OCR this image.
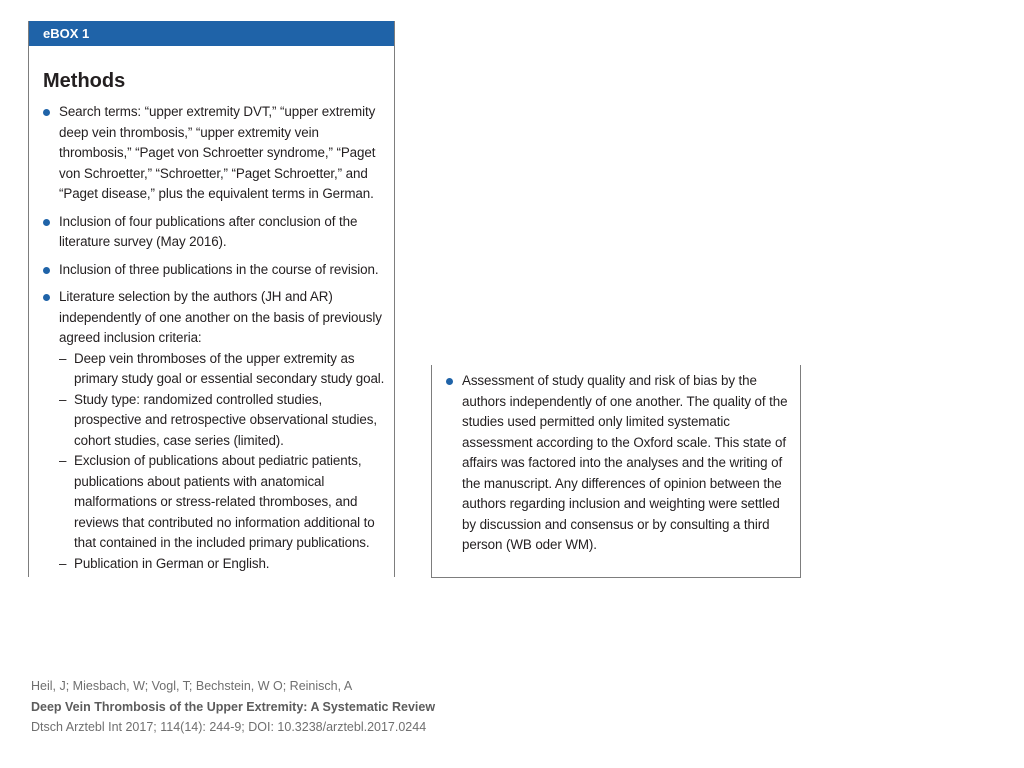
eBOX 1
Methods
Search terms: “upper extremity DVT,” “upper extremity deep vein thrombosis,” “upper extremity vein thrombosis,” “Paget von Schroetter syndrome,” “Paget von Schroetter,” “Schroetter,” “Paget Schroetter,” and “Paget disease,” plus the equivalent terms in German.
Inclusion of four publications after conclusion of the literature survey (May 2016).
Inclusion of three publications in the course of revision.
Literature selection by the authors (JH and AR) independently of one another on the basis of previously agreed inclusion criteria:
– Deep vein thromboses of the upper extremity as primary study goal or essential secondary study goal.
– Study type: randomized controlled studies, prospective and retrospective observational studies, cohort studies, case series (limited).
– Exclusion of publications about pediatric patients, publications about patients with anatomical malformations or stress-related thromboses, and reviews that contributed no information additional to that contained in the included primary publications.
– Publication in German or English.
Assessment of study quality and risk of bias by the authors independently of one another. The quality of the studies used permitted only limited systematic assessment according to the Oxford scale. This state of affairs was factored into the analyses and the writing of the manuscript. Any differences of opinion between the authors regarding inclusion and weighting were settled by discussion and consensus or by consulting a third person (WB oder WM).
Heil, J; Miesbach, W; Vogl, T; Bechstein, W O; Reinisch, A
Deep Vein Thrombosis of the Upper Extremity: A Systematic Review
Dtsch Arztebl Int 2017; 114(14): 244-9; DOI: 10.3238/arztebl.2017.0244
